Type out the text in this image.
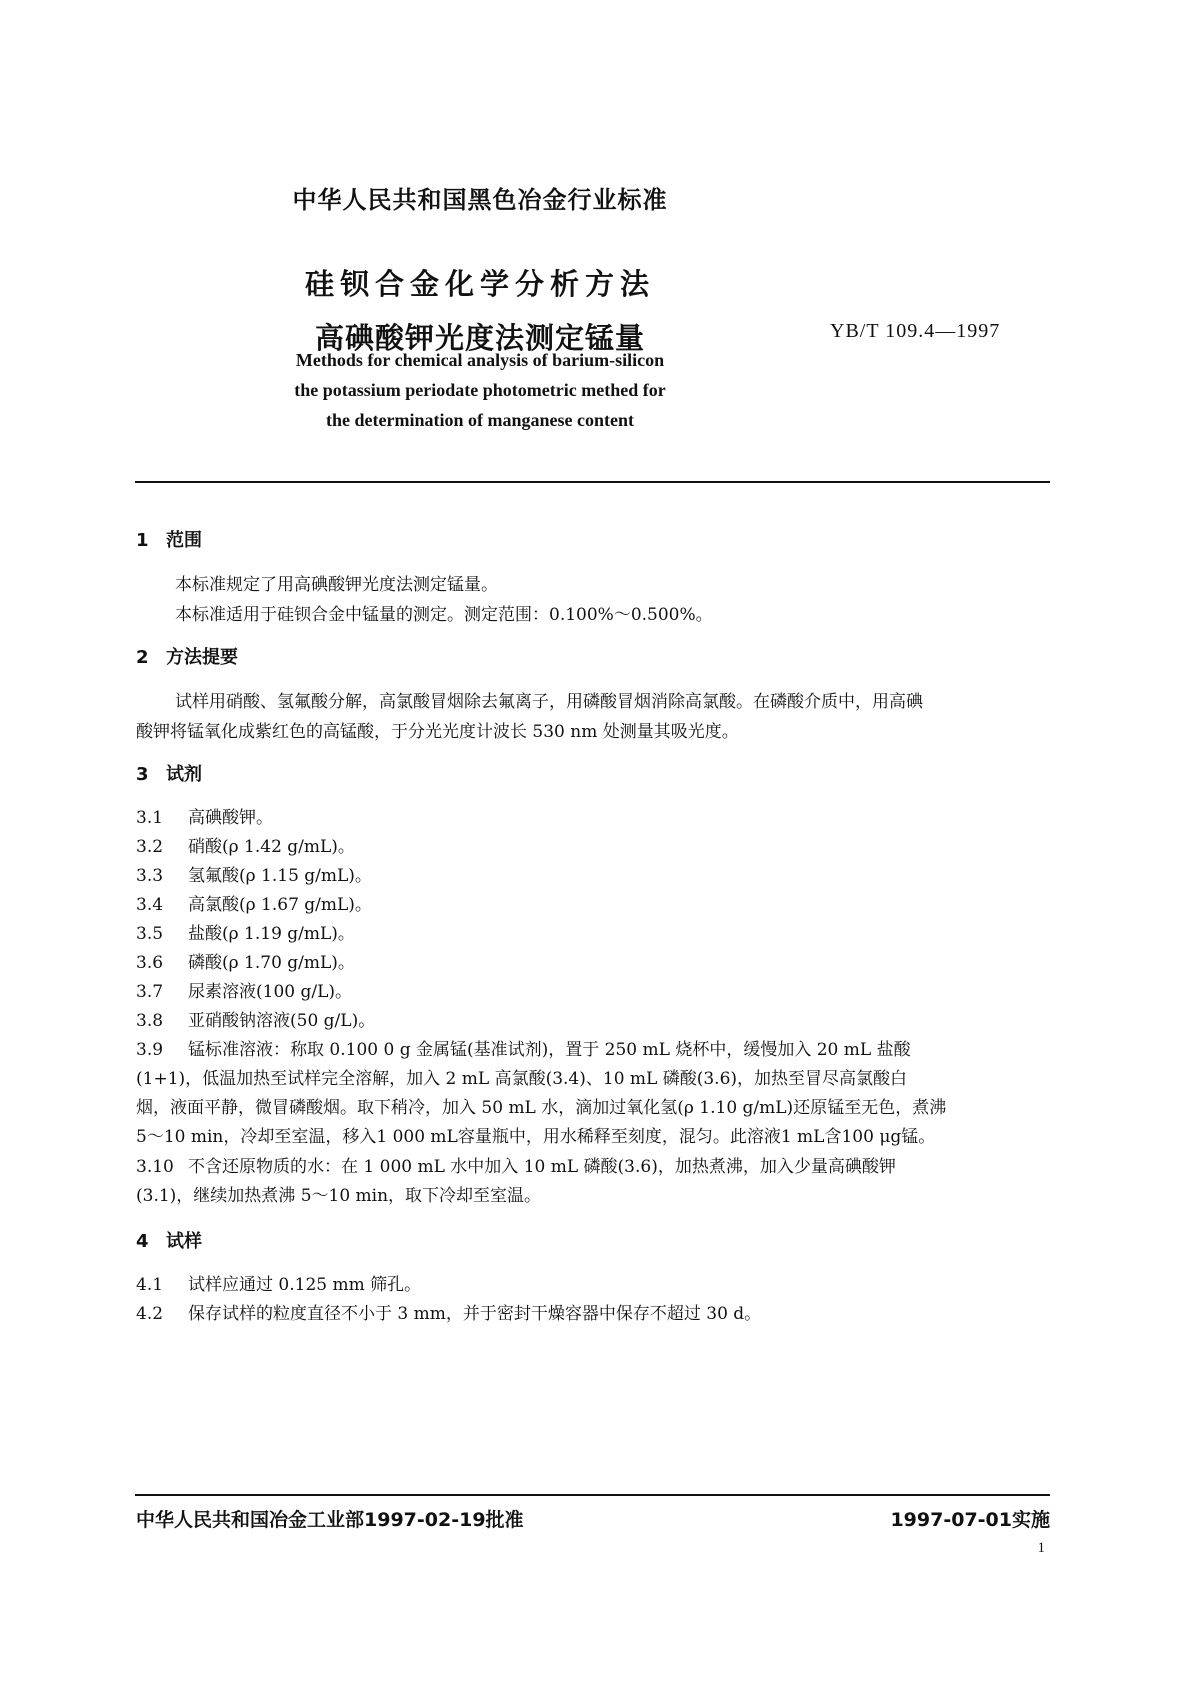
中华人民共和国黑色冶金行业标准
硅钡合金化学分析方法
高碘酸钾光度法测定锰量	YB/T 109.4—1997
Methods for chemical analysis of barium-silicon
the potassium periodate photometric methed for
the determination of manganese content
1 范围
本标准规定了用高碘酸钾光度法测定锰量。
本标准适用于硅钡合金中锰量的测定。测定范围：0.100%～0.500%。
2 方法提要
试样用硝酸、氢氟酸分解，高氯酸冒烟除去氟离子，用磷酸冒烟消除高氯酸。在磷酸介质中，用高碘
酸钾将锰氧化成紫红色的高锰酸，于分光光度计波长 530 nm 处测量其吸光度。
3 试剂
3.1 高碘酸钾。
3.2 硝酸(ρ 1.42 g/mL)。
3.3 氢氟酸(ρ 1.15 g/mL)。
3.4 高氯酸(ρ 1.67 g/mL)。
3.5 盐酸(ρ 1.19 g/mL)。
3.6 磷酸(ρ 1.70 g/mL)。
3.7 尿素溶液(100 g/L)。
3.8 亚硝酸钠溶液(50 g/L)。
3.9 锰标准溶液：称取 0.100 0 g 金属锰(基准试剂)，置于 250 mL 烧杯中，缓慢加入 20 mL 盐酸
(1+1)，低温加热至试样完全溶解，加入 2 mL 高氯酸(3.4)、10 mL 磷酸(3.6)，加热至冒尽高氯酸白
烟，液面平静，微冒磷酸烟。取下稍冷，加入 50 mL 水，滴加过氧化氢(ρ 1.10 g/mL)还原锰至无色，煮沸
5～10 min，冷却至室温，移入1 000 mL容量瓶中，用水稀释至刻度，混匀。此溶液1 mL含100 μg锰。
3.10 不含还原物质的水：在 1 000 mL 水中加入 10 mL 磷酸(3.6)，加热煮沸，加入少量高碘酸钾
(3.1)，继续加热煮沸 5～10 min，取下冷却至室温。
4 试样
4.1 试样应通过 0.125 mm 筛孔。
4.2 保存试样的粒度直径不小于 3 mm，并于密封干燥容器中保存不超过 30 d。
中华人民共和国冶金工业部1997-02-19批准	1997-07-01实施
1
